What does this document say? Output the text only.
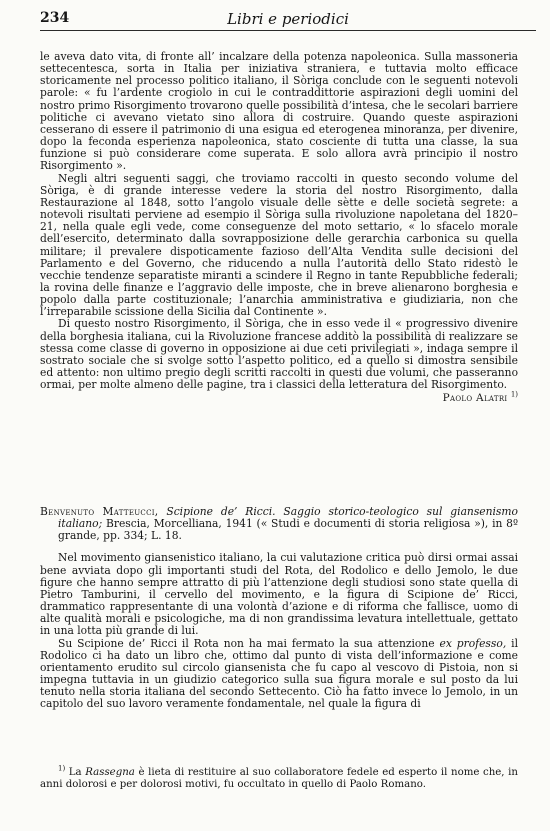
234	Libri e periodici

le aveva dato vita, di fronte all’ incalzare della potenza napoleonica. Sulla massoneria settecentesca, sorta in Italia per iniziativa straniera, e tuttavia molto efficace storicamente nel processo politico italiano, il Sòriga conclude con le seguenti notevoli parole: « fu l’ardente crogiolo in cui le contraddittorie aspirazioni degli uomini del nostro primo Risorgimento trovarono quelle possibilità d’intesa, che le secolari barriere politiche ci avevano vietato sino allora di costruire. Quando queste aspirazioni cesserano di essere il patrimonio di una esigua ed eterogenea minoranza, per divenire, dopo la feconda esperienza napoleonica, stato cosciente di tutta una classe, la sua funzione si può considerare come superata. E solo allora avrà principio il nostro Risorgimento ».

Negli altri seguenti saggi, che troviamo raccolti in questo secondo volume del Sòriga, è di grande interesse vedere la storia del nostro Risorgimento, dalla Restaurazione al 1848, sotto l’angolo visuale delle sètte e delle società segrete: a notevoli risultati perviene ad esempio il Sòriga sulla rivoluzione napoletana del 1820–21, nella quale egli vede, come conseguenze del moto settario, « lo sfacelo morale dell’esercito, determinato dalla sovrapposizione delle gerarchia carbonica su quella militare; il prevalere dispoticamente fazioso dell’Alta Vendita sulle decisioni del Parlamento e del Governo, che riducendo a nulla l’autorità dello Stato ridestò le vecchie tendenze separatiste miranti a scindere il Regno in tante Repubbliche federali; la rovina delle finanze e l’aggravio delle imposte, che in breve alienarono borghesia e popolo dalla parte costituzionale; l’anarchia amministrativa e giudiziaria, non che l’irreparabile scissione della Sicilia dal Continente ».

Di questo nostro Risorgimento, il Sòriga, che in esso vede il « progressivo divenire della borghesia italiana, cui la Rivoluzione francese additò la possibilità di realizzare se stessa come classe di governo in opposizione ai due ceti privilegiati », indaga sempre il sostrato sociale che si svolge sotto l’aspetto politico, ed a quello si dimostra sensibile ed attento: non ultimo pregio degli scritti raccolti in questi due volumi, che passeranno ormai, per molte almeno delle pagine, tra i classici della letteratura del Risorgimento.

Paolo Alatri $^{1)}$

Benvenuto Matteucci, Scipione de’ Ricci. Saggio storico-teologico sul giansenismo italiano; Brescia, Morcelliana, 1941 (« Studi e documenti di storia religiosa »), in 8º grande, pp. 334; L. 18.

Nel movimento giansenistico italiano, la cui valutazione critica può dirsi ormai assai bene avviata dopo gli importanti studi del Rota, del Rodolico e dello Jemolo, le due figure che hanno sempre attratto di più l’attenzione degli studiosi sono state quella di Pietro Tamburini, il cervello del movimento, e la figura di Scipione de’ Ricci, drammatico rappresentante di una volontà d’azione e di riforma che fallisce, uomo di alte qualità morali e psicologiche, ma di non grandissima levatura intellettuale, gettato in una lotta più grande di lui.

Su Scipione de’ Ricci il Rota non ha mai fermato la sua attenzione ex professo, il Rodolico ci ha dato un libro che, ottimo dal punto di vista dell’informazione e come orientamento erudito sul circolo giansenista che fu capo al vescovo di Pistoia, non si impegna tuttavia in un giudizio categorico sulla sua figura morale e sul posto da lui tenuto nella storia italiana del secondo Settecento. Ciò ha fatto invece lo Jemolo, in un capitolo del suo lavoro veramente fondamentale, nel quale la figura di

$^{1)}$ La Rassegna è lieta di restituire al suo collaboratore fedele ed esperto il nome che, in anni dolorosi e per dolorosi motivi, fu occultato in quello di Paolo Romano.
